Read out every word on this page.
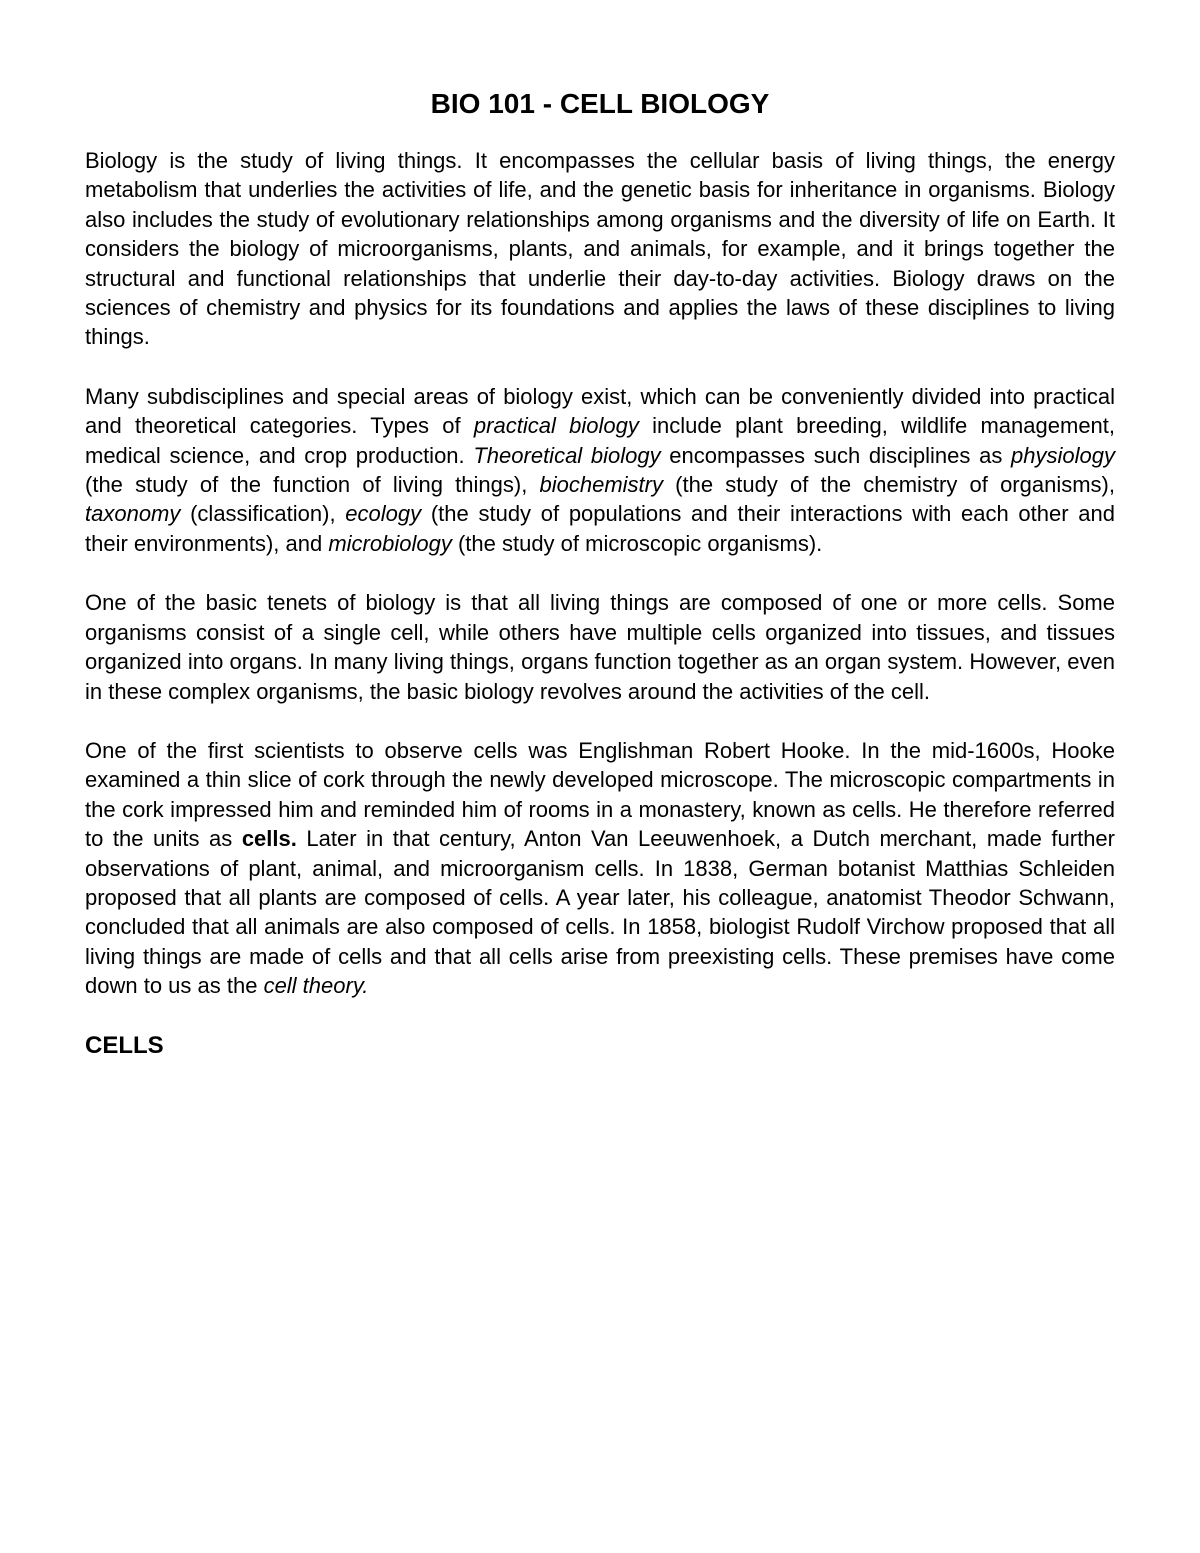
BIO 101 - CELL BIOLOGY

Biology is the study of living things. It encompasses the cellular basis of living things, the energy metabolism that underlies the activities of life, and the genetic basis for inheritance in organisms. Biology also includes the study of evolutionary relationships among organisms and the diversity of life on Earth. It considers the biology of microorganisms, plants, and animals, for example, and it brings together the structural and functional relationships that underlie their day-to-day activities. Biology draws on the sciences of chemistry and physics for its foundations and applies the laws of these disciplines to living things.

Many subdisciplines and special areas of biology exist, which can be conveniently divided into practical and theoretical categories. Types of practical biology include plant breeding, wildlife management, medical science, and crop production. Theoretical biology encompasses such disciplines as physiology (the study of the function of living things), biochemistry (the study of the chemistry of organisms), taxonomy (classification), ecology (the study of populations and their interactions with each other and their environments), and microbiology (the study of microscopic organisms).

One of the basic tenets of biology is that all living things are composed of one or more cells. Some organisms consist of a single cell, while others have multiple cells organized into tissues, and tissues organized into organs. In many living things, organs function together as an organ system. However, even in these complex organisms, the basic biology revolves around the activities of the cell.

One of the first scientists to observe cells was Englishman Robert Hooke. In the mid-1600s, Hooke examined a thin slice of cork through the newly developed microscope. The microscopic compartments in the cork impressed him and reminded him of rooms in a monastery, known as cells. He therefore referred to the units as cells. Later in that century, Anton Van Leeuwenhoek, a Dutch merchant, made further observations of plant, animal, and microorganism cells. In 1838, German botanist Matthias Schleiden proposed that all plants are composed of cells. A year later, his colleague, anatomist Theodor Schwann, concluded that all animals are also composed of cells. In 1858, biologist Rudolf Virchow proposed that all living things are made of cells and that all cells arise from preexisting cells. These premises have come down to us as the cell theory.

CELLS
